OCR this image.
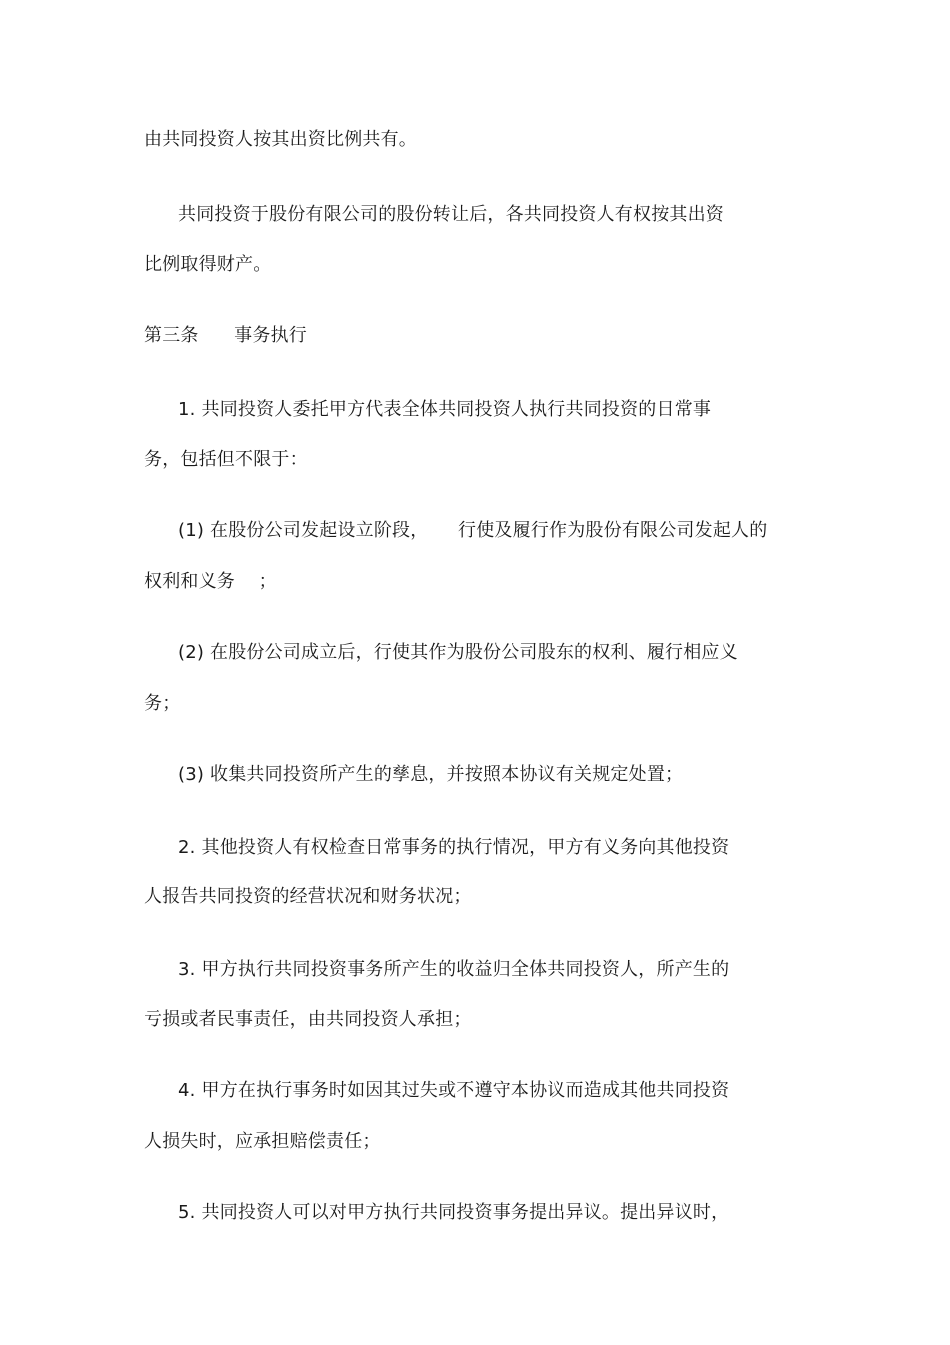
由共同投资人按其出资比例共有。
共同投资于股份有限公司的股份转让后，各共同投资人有权按其出资
比例取得财产。
第三条      事务执行
1. 共同投资人委托甲方代表全体共同投资人执行共同投资的日常事
务，包括但不限于：
(1) 在股份公司发起设立阶段，     行使及履行作为股份有限公司发起人的
权利和义务    ；
(2) 在股份公司成立后，行使其作为股份公司股东的权利、履行相应义
务；
(3) 收集共同投资所产生的孳息，并按照本协议有关规定处置；
2. 其他投资人有权检查日常事务的执行情况，甲方有义务向其他投资
人报告共同投资的经营状况和财务状况；
3. 甲方执行共同投资事务所产生的收益归全体共同投资人，所产生的
亏损或者民事责任，由共同投资人承担；
4. 甲方在执行事务时如因其过失或不遵守本协议而造成其他共同投资
人损失时，应承担赔偿责任；
5. 共同投资人可以对甲方执行共同投资事务提出异议。提出异议时，
